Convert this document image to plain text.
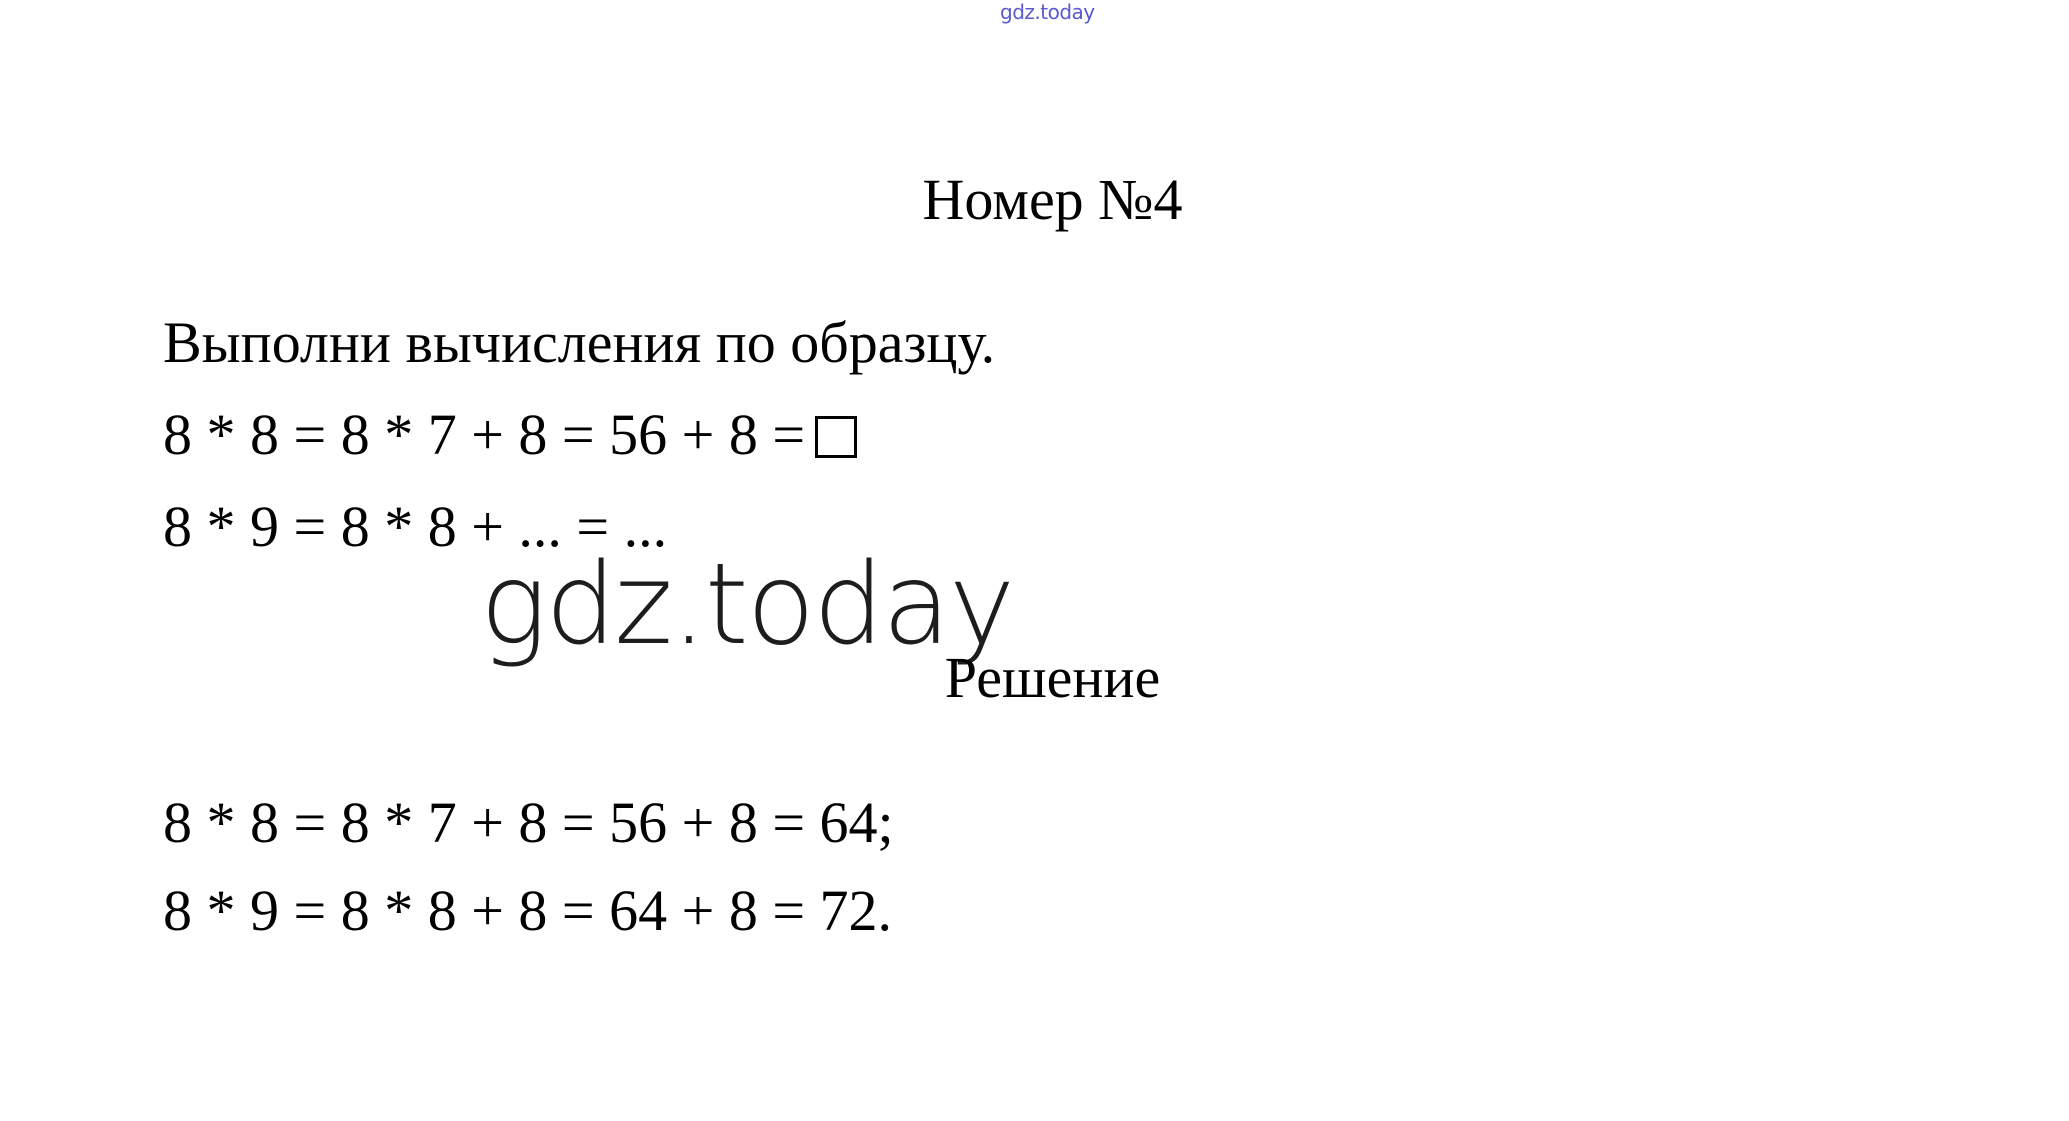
gdz.today
Номер №4
Выполни вычисления по образцу.
8 * 8 = 8 * 7 + 8 = 56 + 8 =
8 * 9 = 8 * 8 + ... = ...
gdz.today
Решение
8 * 8 = 8 * 7 + 8 = 56 + 8 = 64;
8 * 9 = 8 * 8 + 8 = 64 + 8 = 72.
